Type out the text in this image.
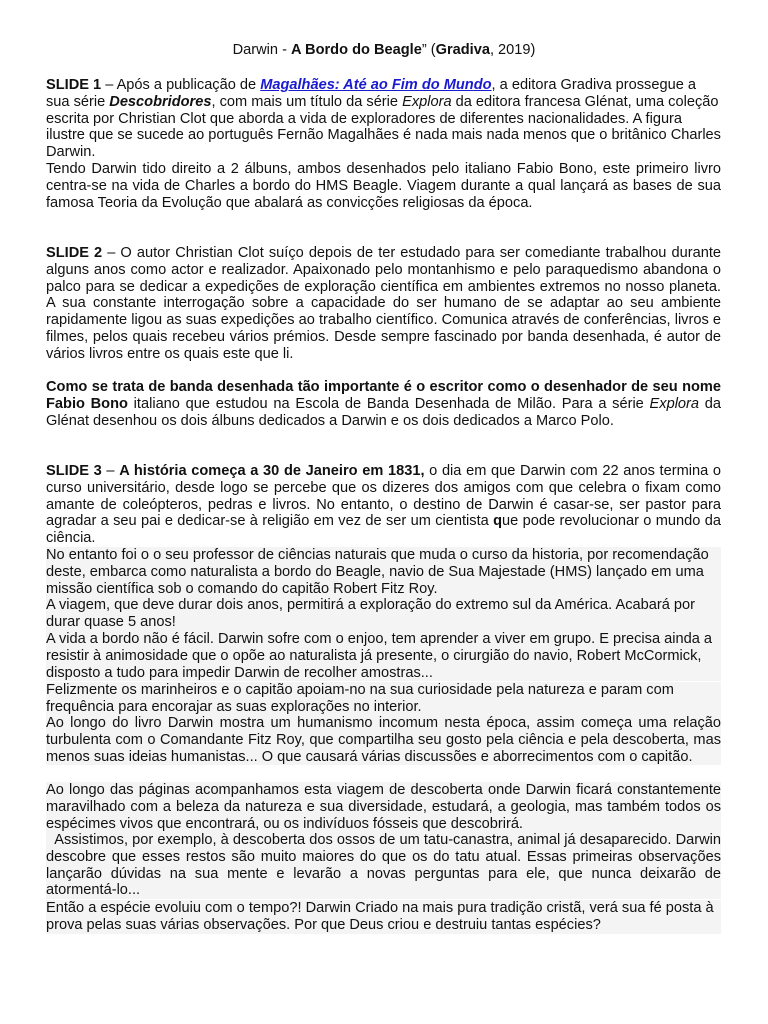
Darwin - A Bordo do Beagle” (Gradiva, 2019)
SLIDE 1 – Após a publicação de Magalhães: Até ao Fim do Mundo, a editora Gradiva prossegue a sua série Descobridores, com mais um título da série Explora da editora francesa Glénat, uma coleção escrita por Christian Clot que aborda a vida de exploradores de diferentes nacionalidades. A figura ilustre que se sucede ao português Fernão Magalhães é nada mais nada menos que o britânico Charles Darwin.
Tendo Darwin tido direito a 2 álbuns, ambos desenhados pelo italiano Fabio Bono, este primeiro livro centra-se na vida de Charles a bordo do HMS Beagle. Viagem durante a qual lançará as bases de sua famosa Teoria da Evolução que abalará as convicções religiosas da época.
SLIDE 2 – O autor Christian Clot suíço depois de ter estudado para ser comediante trabalhou durante alguns anos como actor e realizador. Apaixonado pelo montanhismo e pelo paraquedismo abandona o palco para se dedicar a expedições de exploração científica em ambientes extremos no nosso planeta. A sua constante interrogação sobre a capacidade do ser humano de se adaptar ao seu ambiente rapidamente ligou as suas expedições ao trabalho científico. Comunica através de conferências, livros e filmes, pelos quais recebeu vários prémios. Desde sempre fascinado por banda desenhada, é autor de vários livros entre os quais este que li.
Como se trata de banda desenhada tão importante é o escritor como o desenhador de seu nome Fabio Bono italiano que estudou na Escola de Banda Desenhada de Milão. Para a série Explora da Glénat desenhou os dois álbuns dedicados a Darwin e os dois dedicados a Marco Polo.
SLIDE 3 – A história começa a 30 de Janeiro em 1831, o dia em que Darwin com 22 anos termina o curso universitário, desde logo se percebe que os dizeres dos amigos com que celebra o fixam como amante de coleópteros, pedras e livros. No entanto, o destino de Darwin é casar-se, ser pastor para agradar a seu pai e dedicar-se à religião em vez de ser um cientista que pode revolucionar o mundo da ciência.
No entanto foi o o seu professor de ciências naturais que muda o curso da historia, por recomendação deste, embarca como naturalista a bordo do Beagle, navio de Sua Majestade (HMS) lançado em uma missão científica sob o comando do capitão Robert Fitz Roy.
A viagem, que deve durar dois anos, permitirá a exploração do extremo sul da América. Acabará por durar quase 5 anos!
A vida a bordo não é fácil. Darwin sofre com o enjoo, tem aprender a viver em grupo. E precisa ainda a resistir à animosidade que o opõe ao naturalista já presente, o cirurgião do navio, Robert McCormick, disposto a tudo para impedir Darwin de recolher amostras...
Felizmente os marinheiros e o capitão apoiam-no na sua curiosidade pela natureza e param com frequência para encorajar as suas explorações no interior.
Ao longo do livro Darwin mostra um humanismo incomum nesta época, assim começa uma relação turbulenta com o Comandante Fitz Roy, que compartilha seu gosto pela ciência e pela descoberta, mas menos suas ideias humanistas... O que causará várias discussões e aborrecimentos com o capitão.
Ao longo das páginas acompanhamos esta viagem de descoberta onde Darwin ficará constantemente maravilhado com a beleza da natureza e sua diversidade, estudará, a geologia, mas também todos os espécimes vivos que encontrará, ou os indivíduos fósseis que descobrirá.
Assistimos, por exemplo, à descoberta dos ossos de um tatu-canastra, animal já desaparecido. Darwin descobre que esses restos são muito maiores do que os do tatu atual. Essas primeiras observações lançarão dúvidas na sua mente e levarão a novas perguntas para ele, que nunca deixarão de atormentá-lo...
Então a espécie evoluiu com o tempo?! Darwin Criado na mais pura tradição cristã, verá sua fé posta à prova pelas suas várias observações. Por que Deus criou e destruiu tantas espécies?
